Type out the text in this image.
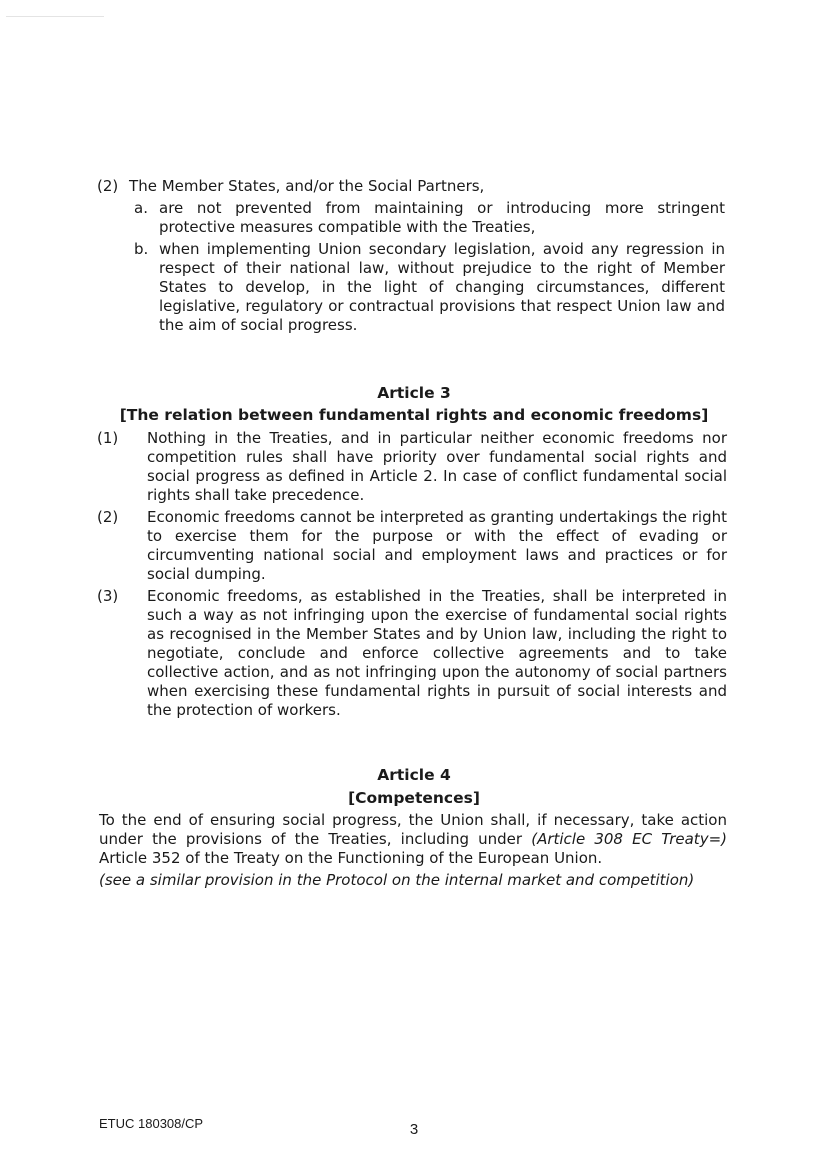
(2) The Member States, and/or the Social Partners,
a. are not prevented from maintaining or introducing more stringent protective measures compatible with the Treaties,
b. when implementing Union secondary legislation, avoid any regression in respect of their national law, without prejudice to the right of Member States to develop, in the light of changing circumstances, different legislative, regulatory or contractual provisions that respect Union law and the aim of social progress.
Article 3
[The relation between fundamental rights and economic freedoms]
(1) Nothing in the Treaties, and in particular neither economic freedoms nor competition rules shall have priority over fundamental social rights and social progress as defined in Article 2. In case of conflict fundamental social rights shall take precedence.
(2) Economic freedoms cannot be interpreted as granting undertakings the right to exercise them for the purpose or with the effect of evading or circumventing national social and employment laws and practices or for social dumping.
(3) Economic freedoms, as established in the Treaties, shall be interpreted in such a way as not infringing upon the exercise of fundamental social rights as recognised in the Member States and by Union law, including the right to negotiate, conclude and enforce collective agreements and to take collective action, and as not infringing upon the autonomy of social partners when exercising these fundamental rights in pursuit of social interests and the protection of workers.
Article 4
[Competences]
To the end of ensuring social progress, the Union shall, if necessary, take action under the provisions of the Treaties, including under (Article 308 EC Treaty=) Article 352 of the Treaty on the Functioning of the European Union.
(see a similar provision in the Protocol on the internal market and competition)
ETUC 180308/CP	3
